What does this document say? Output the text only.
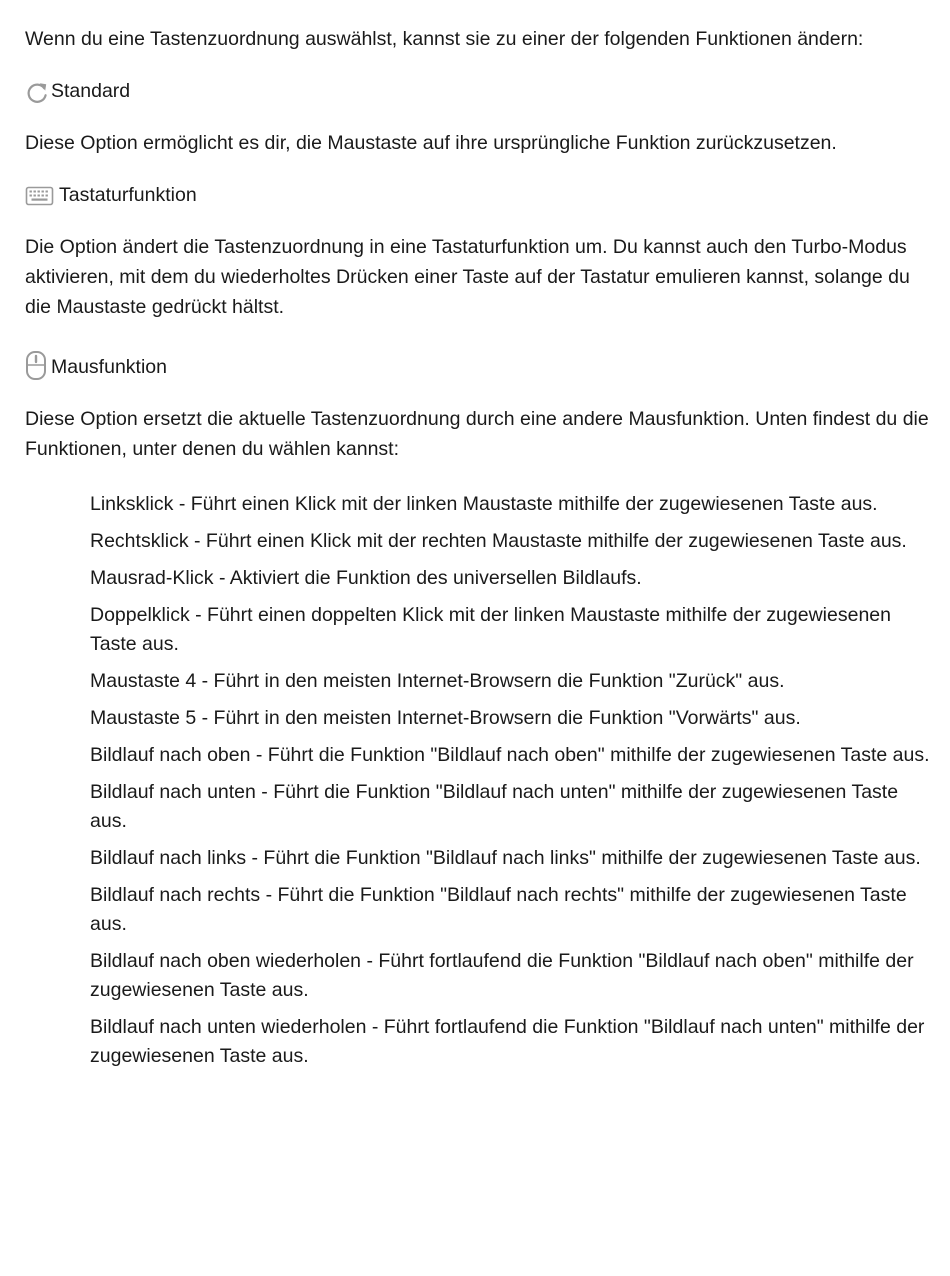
Wenn du eine Tastenzuordnung auswählst, kannst sie zu einer der folgenden Funktionen ändern:

Standard

Diese Option ermöglicht es dir, die Maustaste auf ihre ursprüngliche Funktion zurückzusetzen.

Tastaturfunktion

Die Option ändert die Tastenzuordnung in eine Tastaturfunktion um. Du kannst auch den Turbo-Modus aktivieren, mit dem du wiederholtes Drücken einer Taste auf der Tastatur emulieren kannst, solange du die Maustaste gedrückt hältst.

Mausfunktion

Diese Option ersetzt die aktuelle Tastenzuordnung durch eine andere Mausfunktion. Unten findest du die Funktionen, unter denen du wählen kannst:

Linksklick - Führt einen Klick mit der linken Maustaste mithilfe der zugewiesenen Taste aus.
Rechtsklick - Führt einen Klick mit der rechten Maustaste mithilfe der zugewiesenen Taste aus.
Mausrad-Klick - Aktiviert die Funktion des universellen Bildlaufs.
Doppelklick - Führt einen doppelten Klick mit der linken Maustaste mithilfe der zugewiesenen Taste aus.
Maustaste 4 - Führt in den meisten Internet-Browsern die Funktion "Zurück" aus.
Maustaste 5 - Führt in den meisten Internet-Browsern die Funktion "Vorwärts" aus.
Bildlauf nach oben - Führt die Funktion "Bildlauf nach oben" mithilfe der zugewiesenen Taste aus.
Bildlauf nach unten - Führt die Funktion "Bildlauf nach unten" mithilfe der zugewiesenen Taste aus.
Bildlauf nach links - Führt die Funktion "Bildlauf nach links" mithilfe der zugewiesenen Taste aus.
Bildlauf nach rechts - Führt die Funktion "Bildlauf nach rechts" mithilfe der zugewiesenen Taste aus.
Bildlauf nach oben wiederholen - Führt fortlaufend die Funktion "Bildlauf nach oben" mithilfe der zugewiesenen Taste aus.
Bildlauf nach unten wiederholen - Führt fortlaufend die Funktion "Bildlauf nach unten" mithilfe der zugewiesenen Taste aus.
